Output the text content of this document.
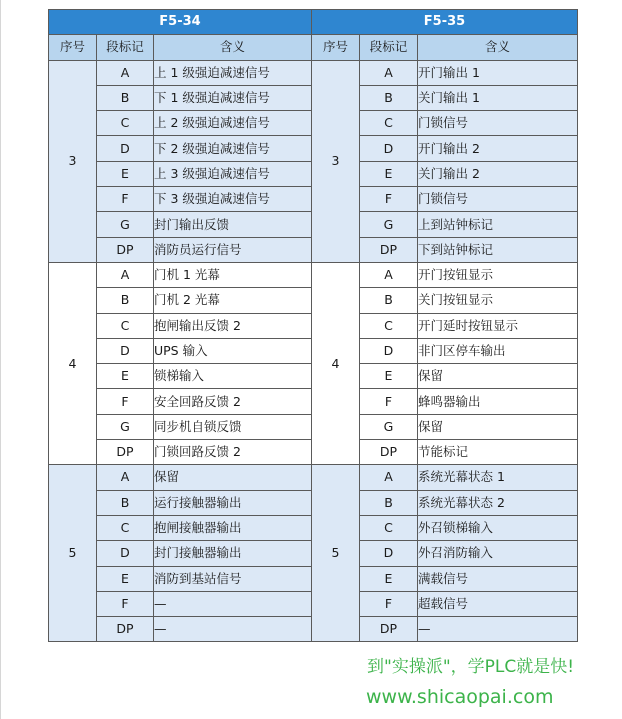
F5-34			F5-35		
序号	段标记	含义	序号	段标记	含义
3	A	上 1 级强迫减速信号	3	A	开门输出 1
	B	下 1 级强迫减速信号		B	关门输出 1
	C	上 2 级强迫减速信号		C	门锁信号
	D	下 2 级强迫减速信号		D	开门输出 2
	E	上 3 级强迫减速信号		E	关门输出 2
	F	下 3 级强迫减速信号		F	门锁信号
	G	封门输出反馈		G	上到站钟标记
	DP	消防员运行信号		DP	下到站钟标记
4	A	门机 1 光幕	4	A	开门按钮显示
	B	门机 2 光幕		B	关门按钮显示
	C	抱闸输出反馈 2		C	开门延时按钮显示
	D	UPS 输入		D	非门区停车输出
	E	锁梯输入		E	保留
	F	安全回路反馈 2		F	蜂鸣器输出
	G	同步机自锁反馈		G	保留
	DP	门锁回路反馈 2		DP	节能标记
5	A	保留	5	A	系统光幕状态 1
	B	运行接触器输出		B	系统光幕状态 2
	C	抱闸接触器输出		C	外召锁梯输入
	D	封门接触器输出		D	外召消防输入
	E	消防到基站信号		E	满载信号
	F	—		F	超载信号
	DP	—		DP	—
到"实操派"，学PLC就是快!
www.shicaopai.com
